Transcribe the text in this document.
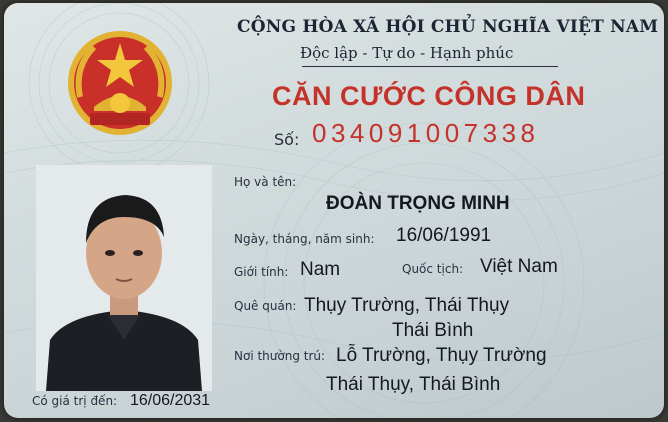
CỘNG HÒA XÃ HỘI CHỦ NGHĨA VIỆT NAM
Độc lập - Tự do - Hạnh phúc
CĂN CƯỚC CÔNG DÂN
Số: 034091007338
Họ và tên:
ĐOÀN TRỌNG MINH
Ngày, tháng, năm sinh: 16/06/1991
Giới tính: Nam	Quốc tịch: Việt Nam
Quê quán: Thụy Trường, Thái Thụy
Thái Bình
Nơi thường trú: Lỗ Trường, Thụy Trường
Thái Thụy, Thái Bình
Có giá trị đến: 16/06/2031
